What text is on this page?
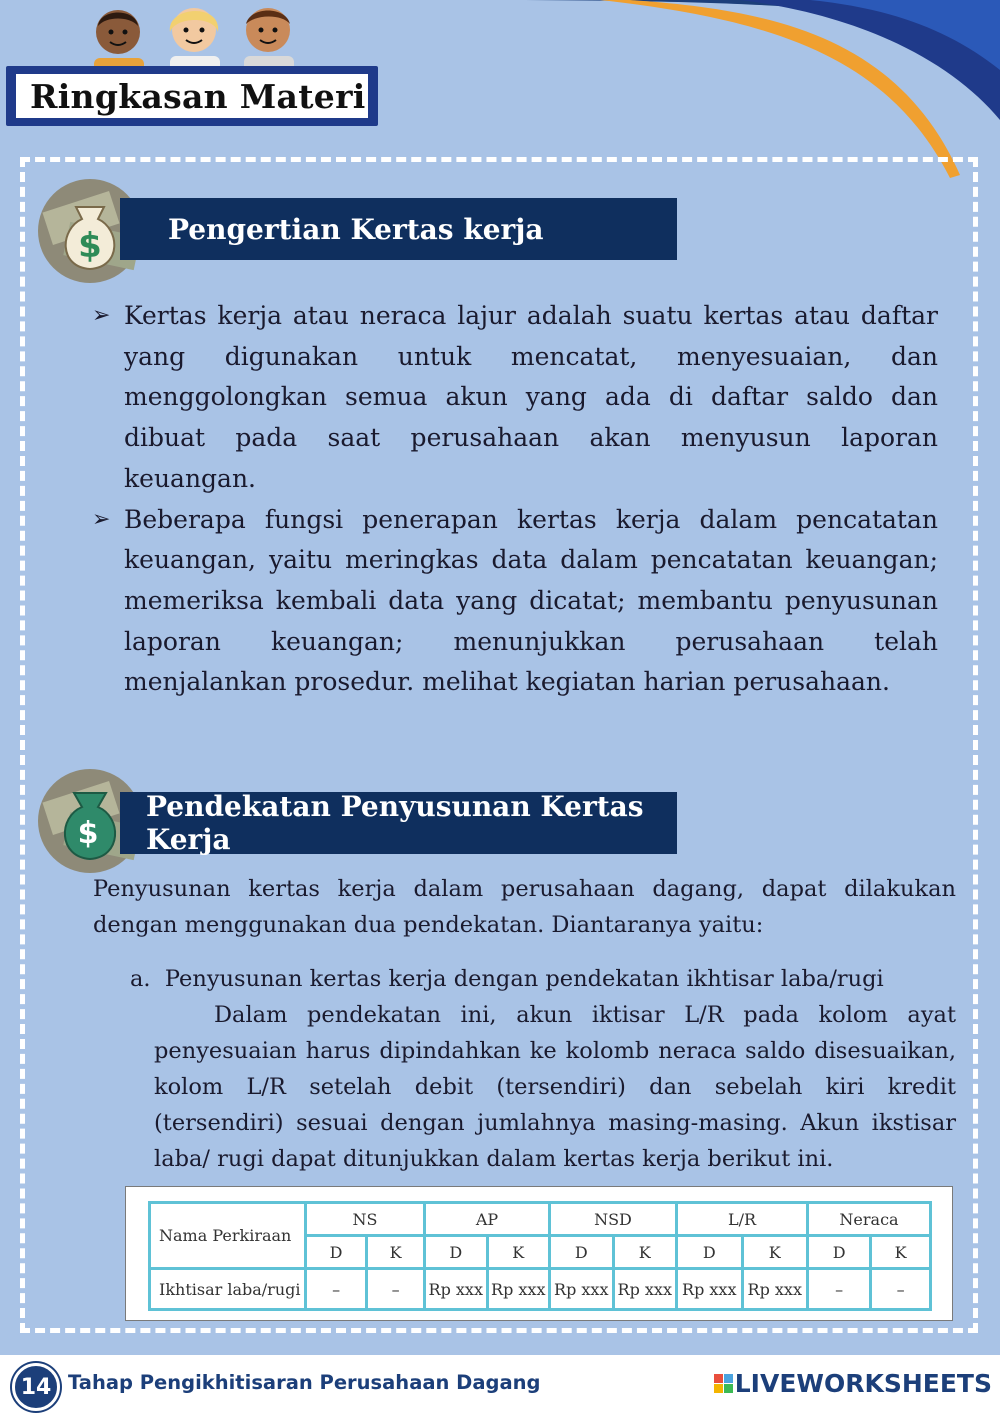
Ringkasan Materi
$	Pengertian Kertas kerja
➢ Kertas kerja atau neraca lajur adalah suatu kertas atau daftar yang digunakan untuk mencatat, menyesuaian, dan menggolongkan semua akun yang ada di daftar saldo dan dibuat pada saat perusahaan akan menyusun laporan keuangan.
➢ Beberapa fungsi penerapan kertas kerja dalam pencatatan keuangan, yaitu meringkas data dalam pencatatan keuangan; memeriksa kembali data yang dicatat; membantu penyusunan laporan keuangan; menunjukkan perusahaan telah menjalankan prosedur. melihat kegiatan harian perusahaan.
$
Pendekatan Penyusunan Kertas Kerja
Penyusunan kertas kerja dalam perusahaan dagang, dapat dilakukan dengan menggunakan dua pendekatan. Diantaranya yaitu:
a. Penyusunan kertas kerja dengan pendekatan ikhtisar laba/rugi
Dalam pendekatan ini, akun iktisar L/R pada kolom ayat penyesuaian harus dipindahkan ke kolomb neraca saldo disesuaikan, kolom L/R setelah debit (tersendiri) dan sebelah kiri kredit (tersendiri) sesuai dengan jumlahnya masing-masing. Akun ikstisar laba/ rugi dapat ditunjukkan dalam kertas kerja berikut ini.
Nama Perkiraan	NS		AP		NSD		L/R		Neraca	
	D	K	D	K	D	K	D	K	D	K
Ikhtisar laba/rugi	–	–	Rp xxx	Rp xxx	Rp xxx	Rp xxx	Rp xxx	Rp xxx	–	–
14 Tahap Pengikhitisaran Perusahaan Dagang	LIVEWORKSHEETS
